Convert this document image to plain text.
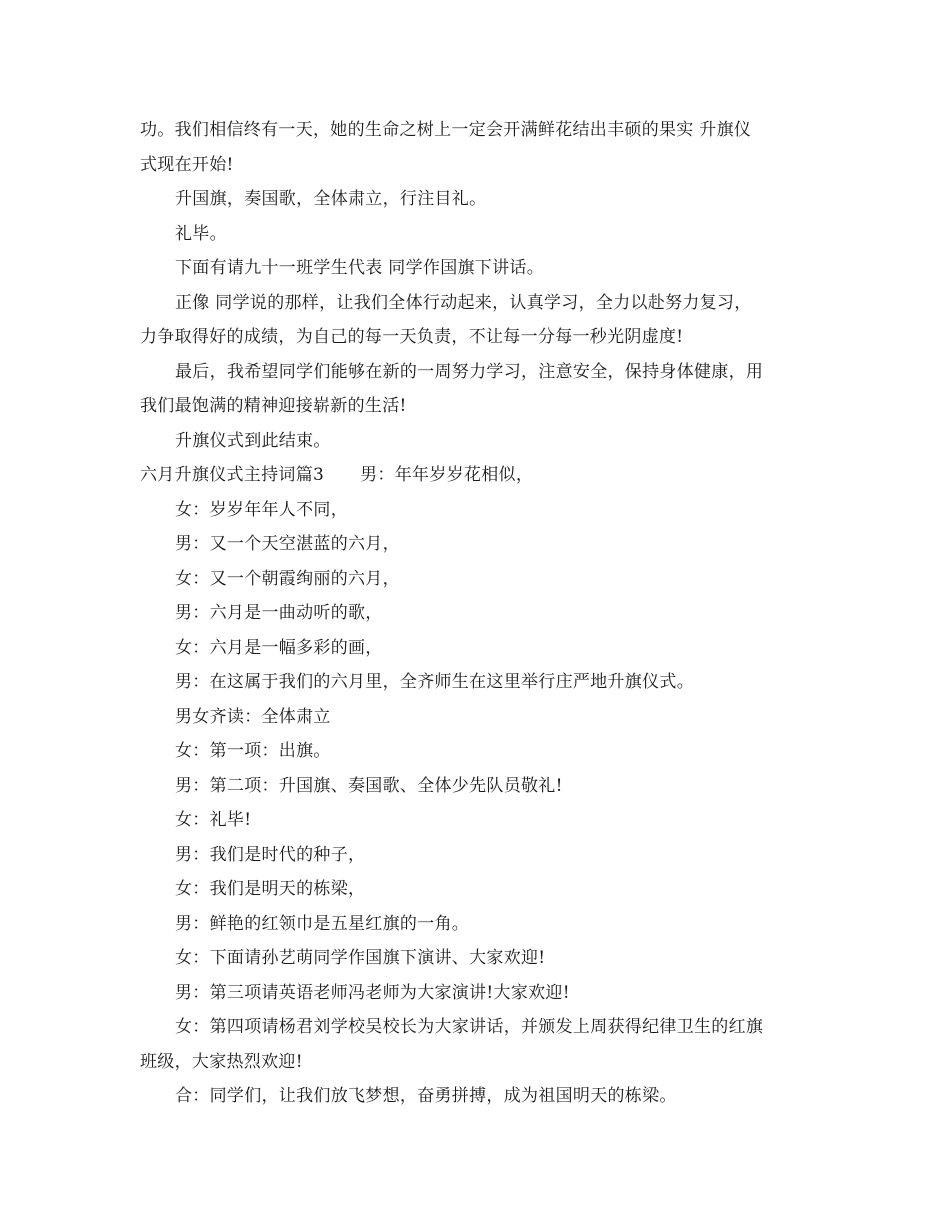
功。我们相信终有一天，她的生命之树上一定会开满鲜花结出丰硕的果实 升旗仪
式现在开始!
升国旗，奏国歌，全体肃立，行注目礼。
礼毕。
下面有请九十一班学生代表 同学作国旗下讲话。
正像 同学说的那样，让我们全体行动起来，认真学习，全力以赴努力复习，
力争取得好的成绩，为自己的每一天负责，不让每一分每一秒光阴虚度!
最后，我希望同学们能够在新的一周努力学习，注意安全，保持身体健康，用
我们最饱满的精神迎接崭新的生活!
升旗仪式到此结束。
六月升旗仪式主持词篇3 男：年年岁岁花相似，
女：岁岁年年人不同，
男：又一个天空湛蓝的六月，
女：又一个朝霞绚丽的六月，
男：六月是一曲动听的歌，
女：六月是一幅多彩的画，
男：在这属于我们的六月里，全齐师生在这里举行庄严地升旗仪式。
男女齐读：全体肃立
女：第一项：出旗。
男：第二项：升国旗、奏国歌、全体少先队员敬礼!
女：礼毕!
男：我们是时代的种子，
女：我们是明天的栋梁，
男：鲜艳的红领巾是五星红旗的一角。
女：下面请孙艺萌同学作国旗下演讲、大家欢迎!
男：第三项请英语老师冯老师为大家演讲!大家欢迎!
女：第四项请杨君刘学校吴校长为大家讲话，并颁发上周获得纪律卫生的红旗
班级，大家热烈欢迎!
合：同学们，让我们放飞梦想，奋勇拼搏，成为祖国明天的栋梁。
